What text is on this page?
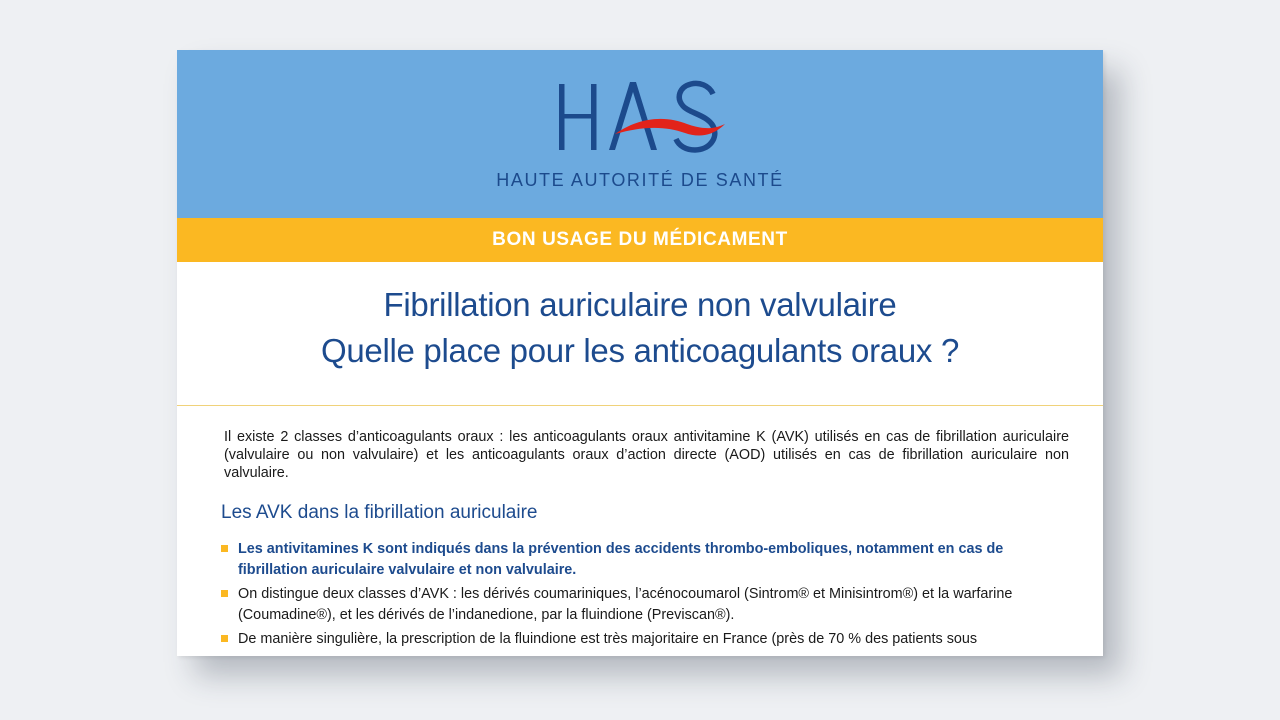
HAUTE AUTORITÉ DE SANTÉ
BON USAGE DU MÉDICAMENT
Fibrillation auriculaire non valvulaire
Quelle place pour les anticoagulants oraux ?

Il existe 2 classes d’anticoagulants oraux : les anticoagulants oraux antivitamine K (AVK) utilisés en cas de fibrillation auriculaire (valvulaire ou non valvulaire) et les anticoagulants oraux d’action directe (AOD) utilisés en cas de fibrillation auriculaire non valvulaire.

Les AVK dans la fibrillation auriculaire
Les antivitamines K sont indiqués dans la prévention des accidents thrombo-emboliques, notamment en cas de fibrillation auriculaire valvulaire et non valvulaire.
On distingue deux classes d’AVK : les dérivés coumariniques, l’acénocoumarol (Sintrom® et Minisintrom®) et la warfarine (Coumadine®), et les dérivés de l’indanedione, par la fluindione (Previscan®).
De manière singulière, la prescription de la fluindione est très majoritaire en France (près de 70 % des patients sous
